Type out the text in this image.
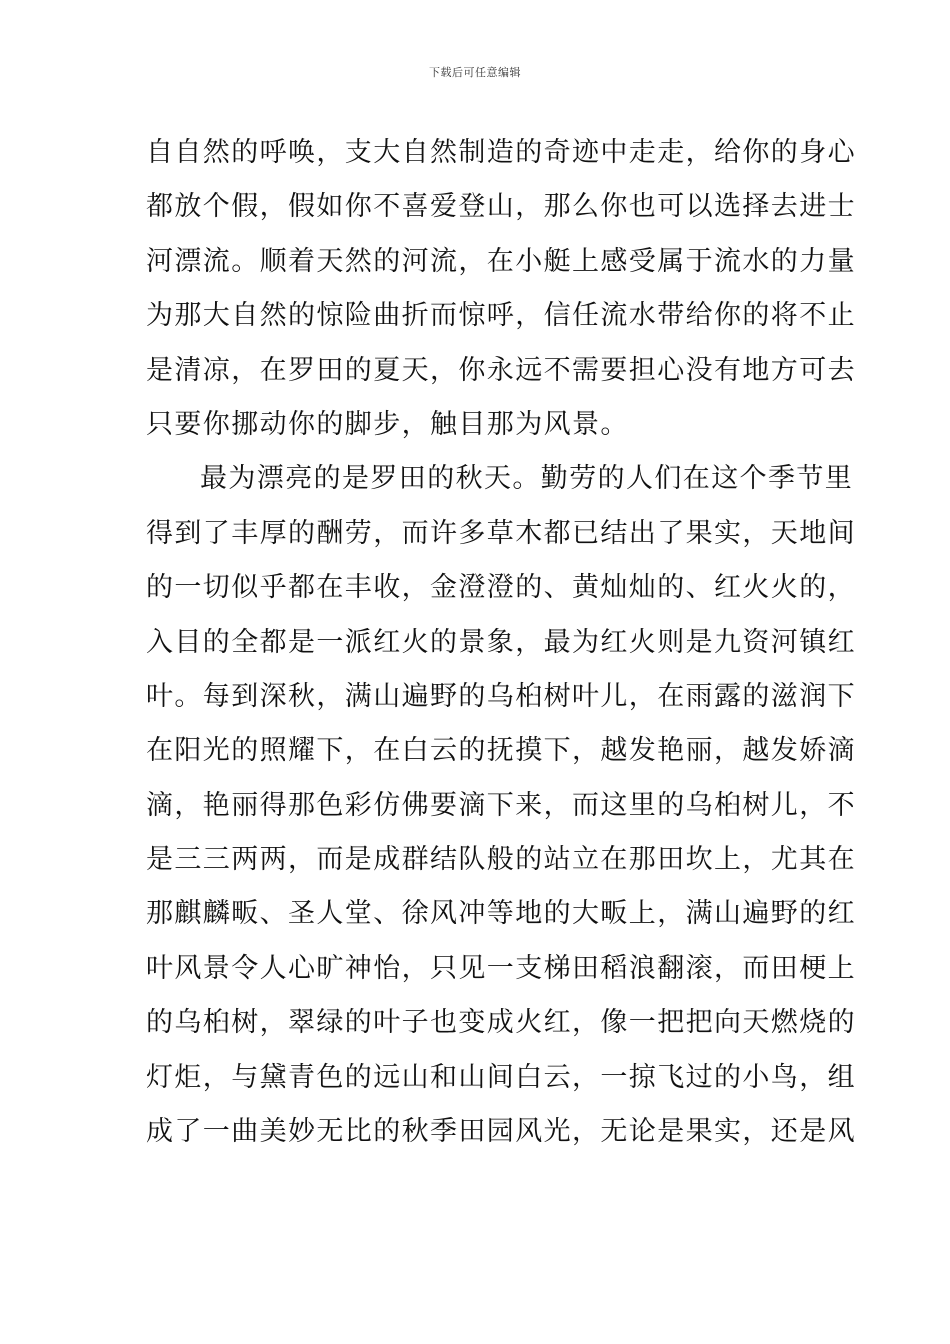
下载后可任意编辑
自自然的呼唤，支大自然制造的奇迹中走走，给你的身心
都放个假，假如你不喜爱登山，那么你也可以选择去进士
河漂流。顺着天然的河流，在小艇上感受属于流水的力量
为那大自然的惊险曲折而惊呼，信任流水带给你的将不止
是清凉，在罗田的夏天，你永远不需要担心没有地方可去
只要你挪动你的脚步，触目那为风景。
最为漂亮的是罗田的秋天。勤劳的人们在这个季节里
得到了丰厚的酬劳，而许多草木都已结出了果实，天地间
的一切似乎都在丰收，金澄澄的、黄灿灿的、红火火的，
入目的全都是一派红火的景象，最为红火则是九资河镇红
叶。每到深秋，满山遍野的乌桕树叶儿，在雨露的滋润下
在阳光的照耀下，在白云的抚摸下，越发艳丽，越发娇滴
滴，艳丽得那色彩仿佛要滴下来，而这里的乌桕树儿，不
是三三两两，而是成群结队般的站立在那田坎上，尤其在
那麒麟畈、圣人堂、徐风冲等地的大畈上，满山遍野的红
叶风景令人心旷神怡，只见一支梯田稻浪翻滚，而田梗上
的乌桕树，翠绿的叶子也变成火红，像一把把向天燃烧的
灯炬，与黛青色的远山和山间白云，一掠飞过的小鸟，组
成了一曲美妙无比的秋季田园风光，无论是果实，还是风
